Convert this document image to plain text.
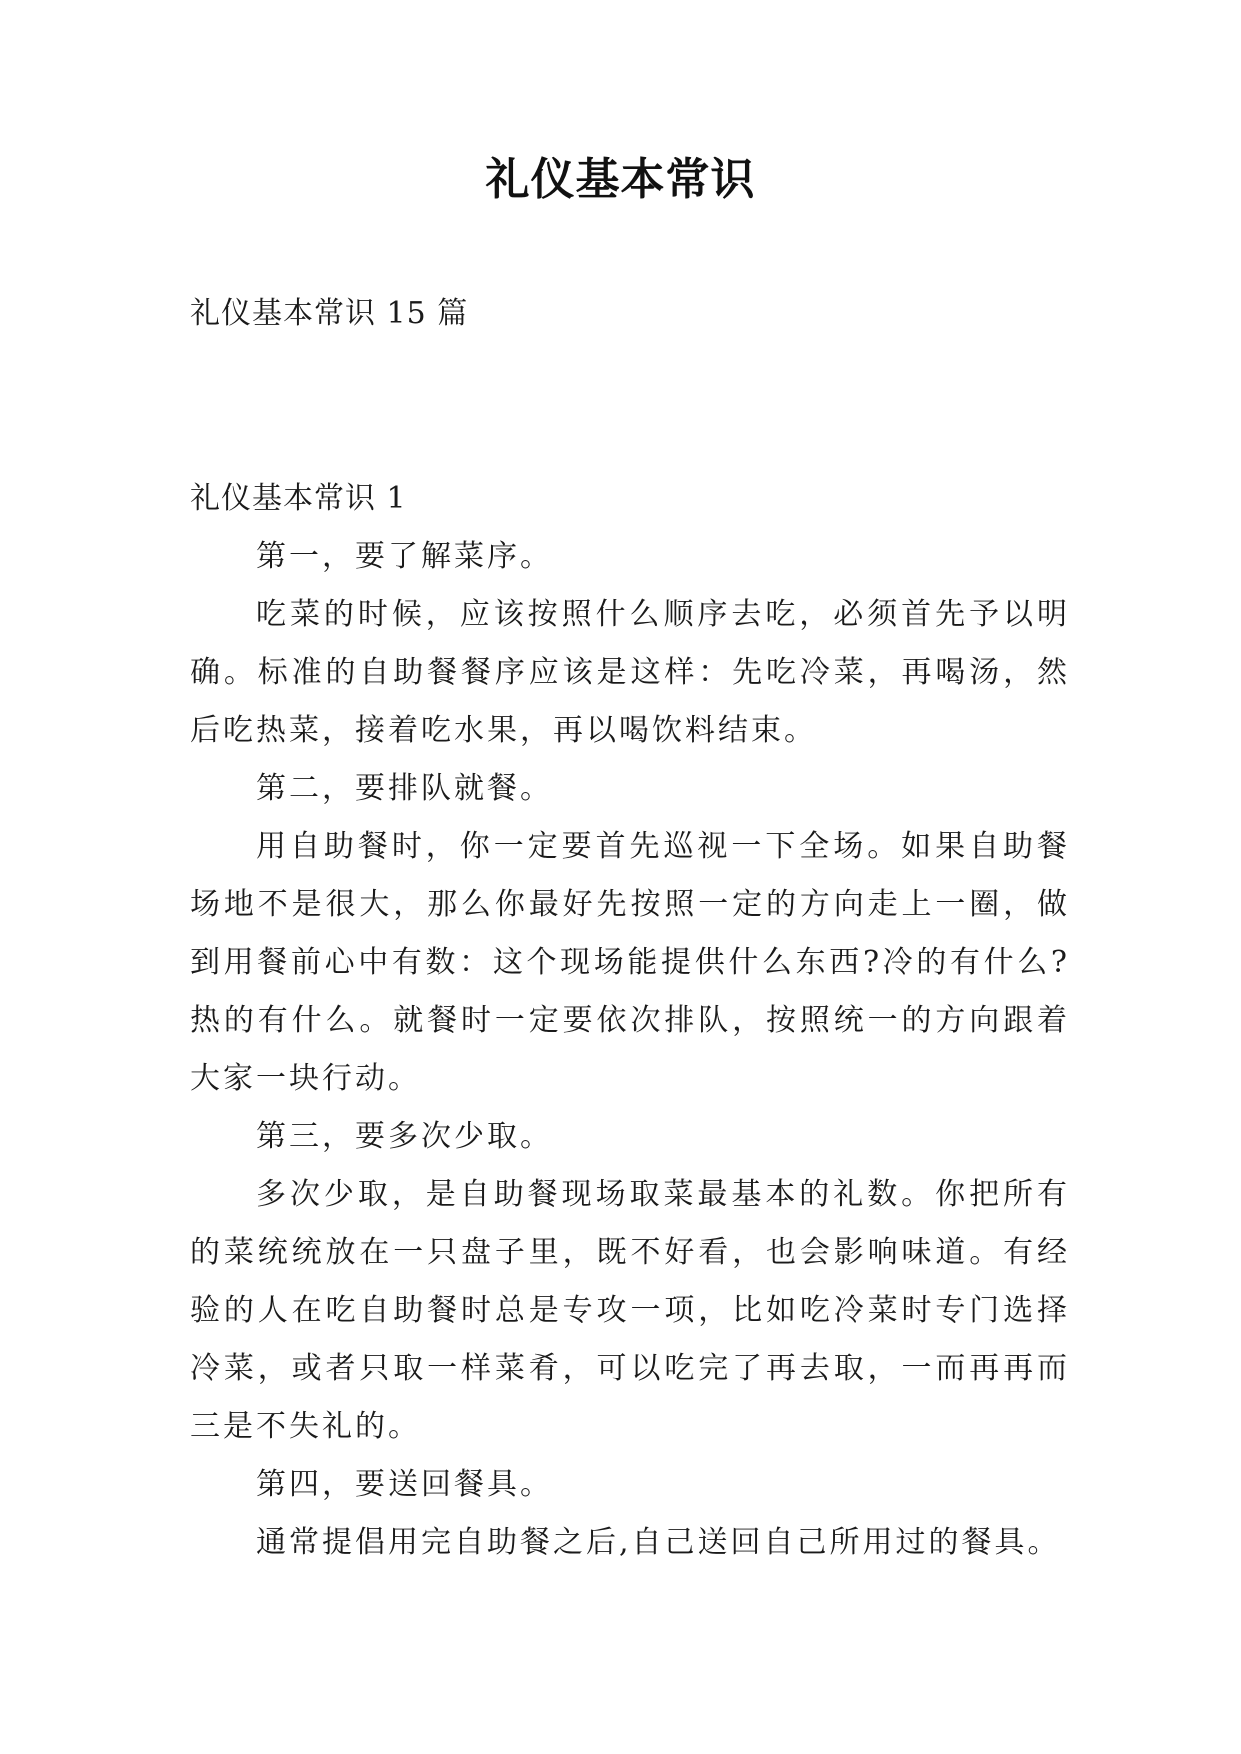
礼仪基本常识

礼仪基本常识 15 篇

礼仪基本常识 1

第一，要了解菜序。

吃菜的时候，应该按照什么顺序去吃，必须首先予以明确。标准的自助餐餐序应该是这样：先吃冷菜，再喝汤，然后吃热菜，接着吃水果，再以喝饮料结束。

第二，要排队就餐。

用自助餐时，你一定要首先巡视一下全场。如果自助餐场地不是很大，那么你最好先按照一定的方向走上一圈，做到用餐前心中有数：这个现场能提供什么东西?冷的有什么?热的有什么。就餐时一定要依次排队，按照统一的方向跟着大家一块行动。

第三，要多次少取。

多次少取，是自助餐现场取菜最基本的礼数。你把所有的菜统统放在一只盘子里，既不好看，也会影响味道。有经验的人在吃自助餐时总是专攻一项，比如吃冷菜时专门选择冷菜，或者只取一样菜肴，可以吃完了再去取，一而再再而三是不失礼的。

第四，要送回餐具。

通常提倡用完自助餐之后,自己送回自己所用过的餐具。
